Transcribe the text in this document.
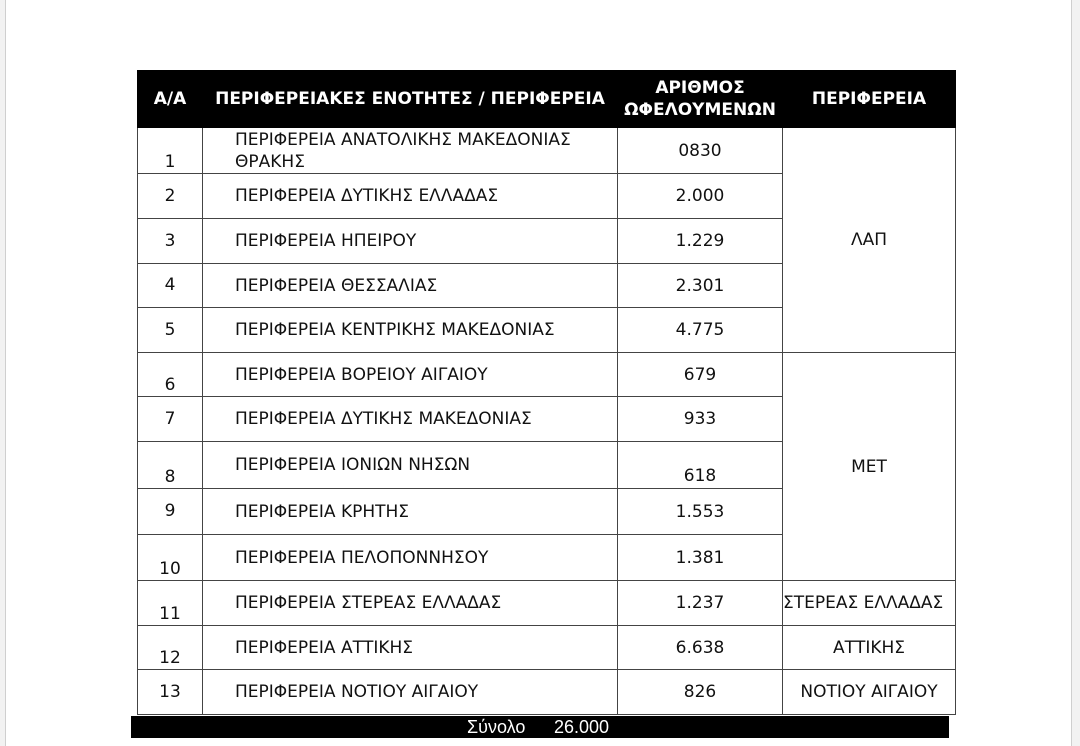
Α/Α	ΠΕΡΙΦΕΡΕΙΑΚΕΣ ΕΝΟΤΗΤΕΣ / ΠΕΡΙΦΕΡΕΙΑ	ΑΡΙΘΜΟΣ ΩΦΕΛΟΥΜΕΝΩΝ	ΠΕΡΙΦΕΡΕΙΑ
1	ΠΕΡΙΦΕΡΕΙΑ ΑΝΑΤΟΛΙΚΗΣ ΜΑΚΕΔΟΝΙΑΣ ΘΡΑΚΗΣ	0830	ΛΑΠ
2	ΠΕΡΙΦΕΡΕΙΑ ΔΥΤΙΚΗΣ ΕΛΛΑΔΑΣ	2.000	
3	ΠΕΡΙΦΕΡΕΙΑ ΗΠΕΙΡΟΥ	1.229	
4	ΠΕΡΙΦΕΡΕΙΑ ΘΕΣΣΑΛΙΑΣ	2.301	
5	ΠΕΡΙΦΕΡΕΙΑ ΚΕΝΤΡΙΚΗΣ ΜΑΚΕΔΟΝΙΑΣ	4.775	
6	ΠΕΡΙΦΕΡΕΙΑ ΒΟΡΕΙΟΥ ΑΙΓΑΙΟΥ	679	ΜΕΤ
7	ΠΕΡΙΦΕΡΕΙΑ ΔΥΤΙΚΗΣ ΜΑΚΕΔΟΝΙΑΣ	933	
8	ΠΕΡΙΦΕΡΕΙΑ ΙΟΝΙΩΝ ΝΗΣΩΝ	618	
9	ΠΕΡΙΦΕΡΕΙΑ ΚΡΗΤΗΣ	1.553	
10	ΠΕΡΙΦΕΡΕΙΑ ΠΕΛΟΠΟΝΝΗΣΟΥ	1.381	
11	ΠΕΡΙΦΕΡΕΙΑ ΣΤΕΡΕΑΣ ΕΛΛΑΔΑΣ	1.237	ΣΤΕΡΕΑΣ ΕΛΛΑΔΑΣ
12	ΠΕΡΙΦΕΡΕΙΑ ΑΤΤΙΚΗΣ	6.638	ΑΤΤΙΚΗΣ
13	ΠΕΡΙΦΕΡΕΙΑ ΝΟΤΙΟΥ ΑΙΓΑΙΟΥ	826	ΝΟΤΙΟΥ ΑΙΓΑΙΟΥ
Σύνολο 26.000
